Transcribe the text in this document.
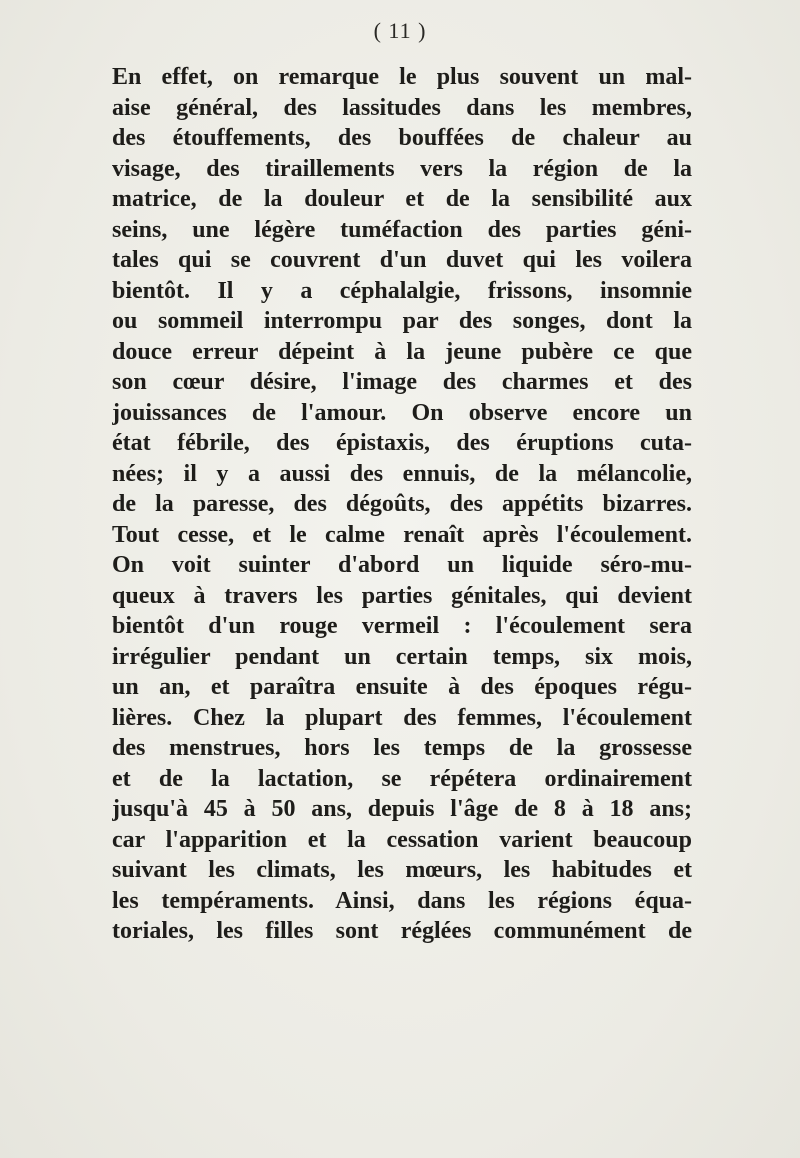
( 11 )
En effet, on remarque le plus souvent un mal-
aise général, des lassitudes dans les membres,
des étouffements, des bouffées de chaleur au
visage, des tiraillements vers la région de la
matrice, de la douleur et de la sensibilité aux
seins, une légère tuméfaction des parties géni-
tales qui se couvrent d'un duvet qui les voilera
bientôt. Il y a céphalalgie, frissons, insomnie
ou sommeil interrompu par des songes, dont la
douce erreur dépeint à la jeune pubère ce que
son cœur désire, l'image des charmes et des
jouissances de l'amour. On observe encore un
état fébrile, des épistaxis, des éruptions cuta-
nées; il y a aussi des ennuis, de la mélancolie,
de la paresse, des dégoûts, des appétits bizarres.
Tout cesse, et le calme renaît après l'écoulement.
On voit suinter d'abord un liquide séro-mu-
queux à travers les parties génitales, qui devient
bientôt d'un rouge vermeil : l'écoulement sera
irrégulier pendant un certain temps, six mois,
un an, et paraîtra ensuite à des époques régu-
lières. Chez la plupart des femmes, l'écoulement
des menstrues, hors les temps de la grossesse
et de la lactation, se répétera ordinairement
jusqu'à 45 à 50 ans, depuis l'âge de 8 à 18 ans;
car l'apparition et la cessation varient beaucoup
suivant les climats, les mœurs, les habitudes et
les tempéraments. Ainsi, dans les régions équa-
toriales, les filles sont réglées communément de
